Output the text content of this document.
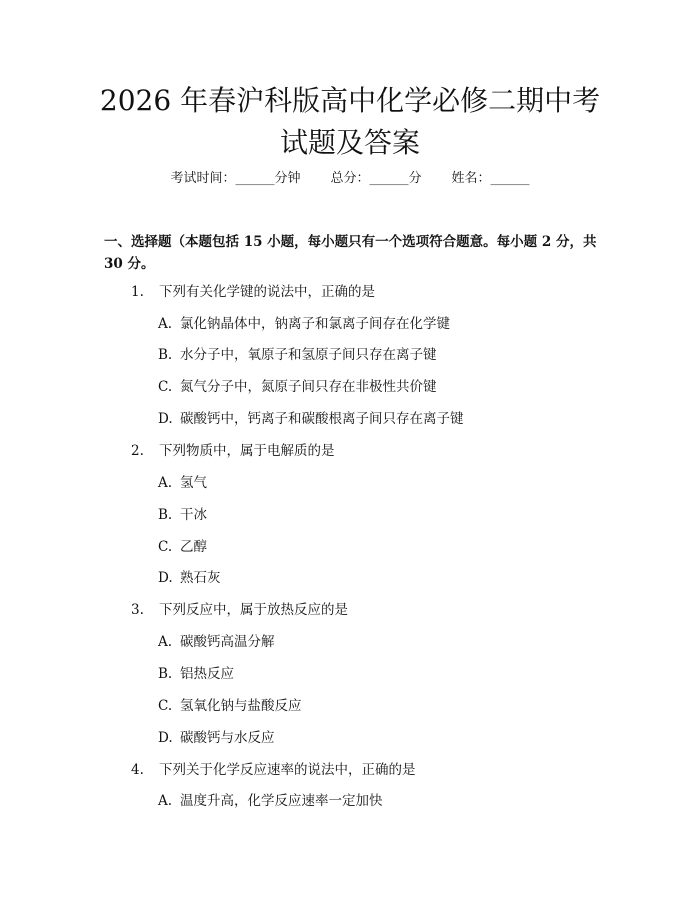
2026 年春沪科版高中化学必修二期中考试题及答案
考试时间：______分钟 总分：______分 姓名：______

一、选择题（本题包括 15 小题，每小题只有一个选项符合题意。每小题 2 分，共 30 分。

1. 下列有关化学键的说法中，正确的是
A. 氯化钠晶体中，钠离子和氯离子间存在化学键
B. 水分子中，氧原子和氢原子间只存在离子键
C. 氮气分子中，氮原子间只存在非极性共价键
D. 碳酸钙中，钙离子和碳酸根离子间只存在离子键
2. 下列物质中，属于电解质的是
A. 氢气
B. 干冰
C. 乙醇
D. 熟石灰
3. 下列反应中，属于放热反应的是
A. 碳酸钙高温分解
B. 铝热反应
C. 氢氧化钠与盐酸反应
D. 碳酸钙与水反应
4. 下列关于化学反应速率的说法中，正确的是
A. 温度升高，化学反应速率一定加快
